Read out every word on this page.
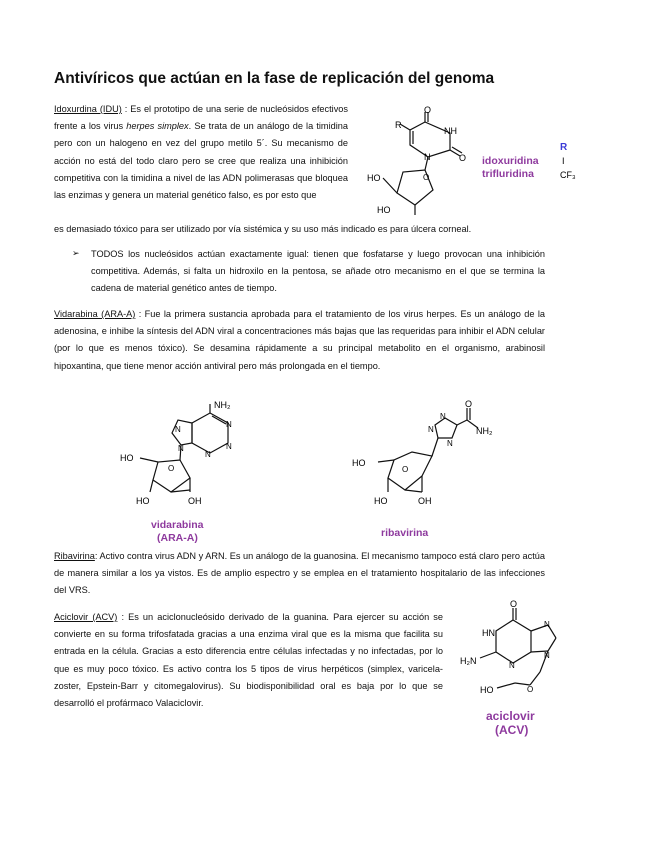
Antivíricos que actúan en la fase de replicación del genoma

Idoxurdina (IDU) : Es el prototipo de una serie de nucleósidos efectivos frente a los virus herpes simplex. Se trata de un análogo de la timidina pero con un halogeno en vez del grupo metilo 5´. Su mecanismo de acción no está del todo claro pero se cree que realiza una inhibición competitiva con la timidina a nivel de las ADN polimerasas que bloquea las enzimas y genera un material genético falso, es por esto que

es demasiado tóxico para ser utilizado por vía sistémica y su uso más indicado es para úlcera corneal.

➢ TODOS los nucleósidos actúan exactamente igual: tienen que fosfatarse y luego provocan una inhibición competitiva. Además, si falta un hidroxilo en la pentosa, se añade otro mecanismo en el que se termina la cadena de material genético antes de tiempo.

Vidarabina (ARA-A) : Fue la primera sustancia aprobada para el tratamiento de los virus herpes. Es un análogo de la adenosina, e inhibe la síntesis del ADN viral a concentraciones más bajas que las requeridas para inhibir el ADN celular (por lo que es menos tóxico). Se desamina rápidamente a su principal metabolito en el organismo, arabinosil hipoxantina, que tiene menor acción antiviral pero más prolongada en el tiempo.

Ribavirina: Activo contra virus ADN y ARN. Es un análogo de la guanosina. El mecanismo tampoco está claro pero actúa de manera similar a los ya vistos. Es de amplio espectro y se emplea en el tratamiento hospitalario de las infecciones del VRS.

Aciclovir (ACV) : Es un aciclonucleósido derivado de la guanina. Para ejercer su acción se convierte en su forma trifosfatada gracias a una enzima viral que es la misma que facilita su entrada en la célula. Gracias a esto diferencia entre células infectadas y no infectadas, por lo que es muy poco tóxico. Es activo contra los 5 tipos de virus herpéticos (simplex, varicela-zoster, Epstein-Barr y citomegalovirus). Su biodisponibilidad oral es baja por lo que se desarrolló el profármaco Valaciclovir.

O
NH
O
R
N
O
HO
HO
idoxuridina
trifluridina
R
I
CF₃
NH₂
N
N
N
N
N
O
HO
HO	OH
vidarabina
(ARA-A)
O
NH₂
N
N
N
O
HO
HO	OH
ribavirina
O
HN
N
N
N
H₂N
O
HO
aciclovir
(ACV)
